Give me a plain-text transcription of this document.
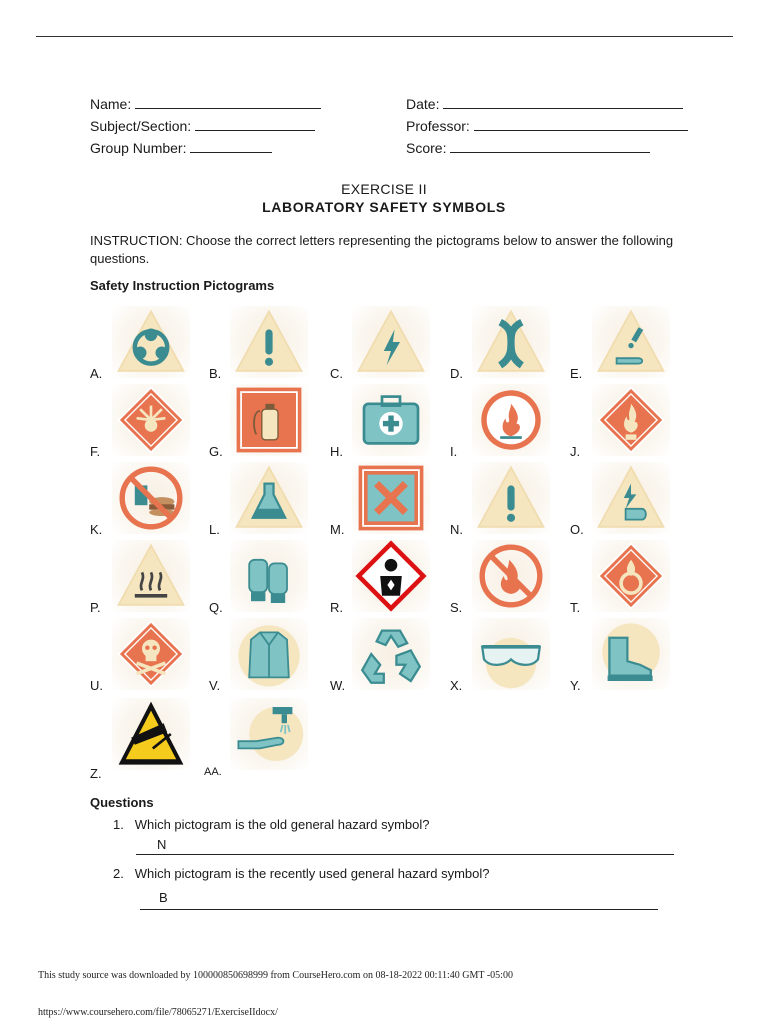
Name:
Subject/Section:
Group Number:
Date:
Professor:
Score:
EXERCISE II
LABORATORY SAFETY SYMBOLS
INSTRUCTION: Choose the correct letters representing the pictograms below to answer the following questions.
Safety Instruction Pictograms
A.	B.	C.	D.	E.
F.	G.	H.	I.	J.
K.	L.	M.	N.	O.
P.	Q.	R.	S.	T.
U.	V.	W.	X.	Y.
Z.	AA.
Questions
1. Which pictogram is the old general hazard symbol?
N
2. Which pictogram is the recently used general hazard symbol?
B
This study source was downloaded by 100000850698999 from CourseHero.com on 08-18-2022 00:11:40 GMT -05:00
https://www.coursehero.com/file/78065271/ExerciseIIdocx/
